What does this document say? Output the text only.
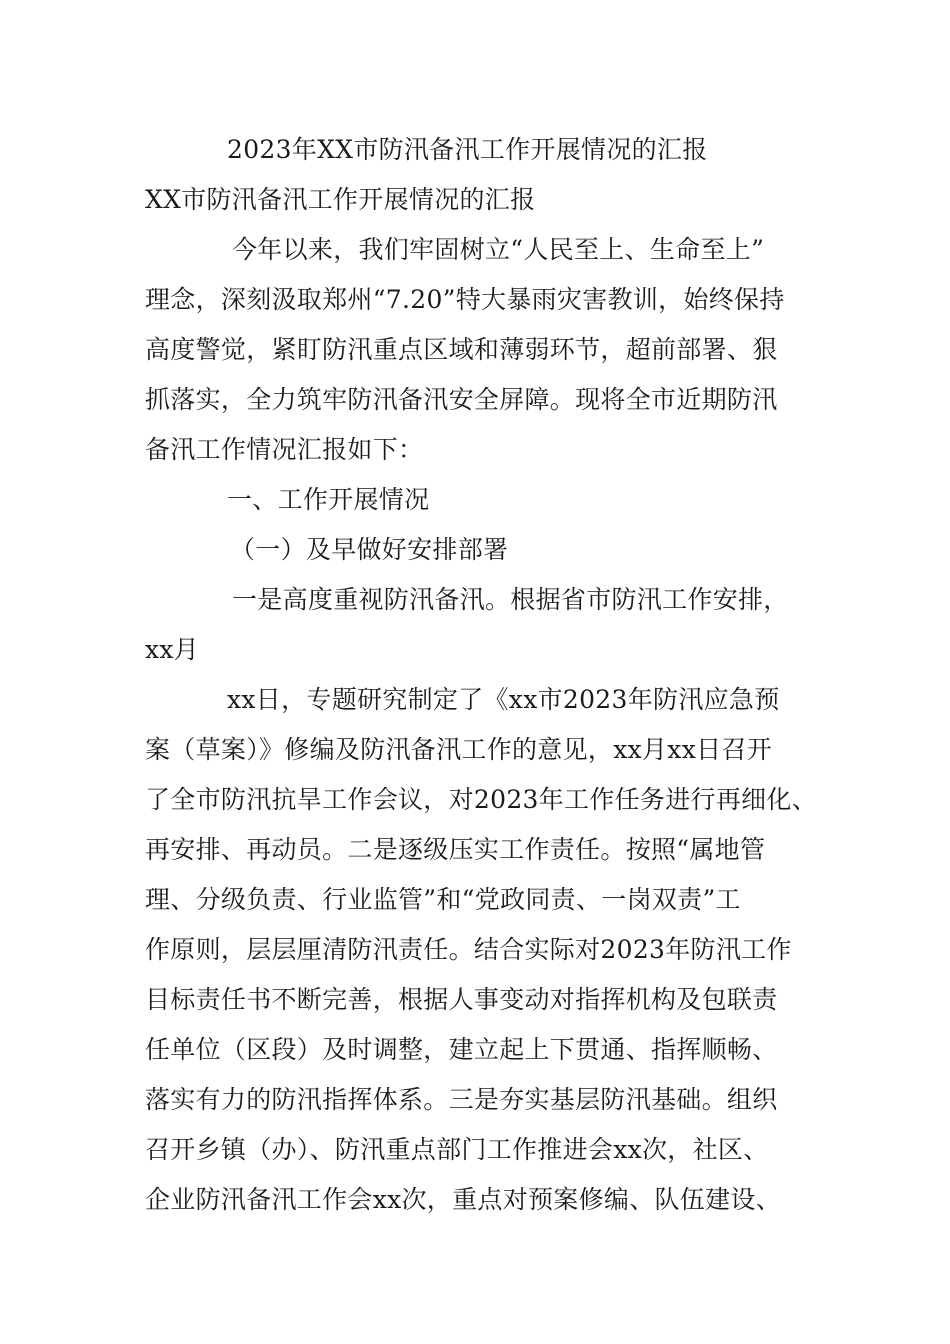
2023年XX市防汛备汛工作开展情况的汇报
XX市防汛备汛工作开展情况的汇报
今年以来，我们牢固树立“人民至上、生命至上”
理念，深刻汲取郑州“7.20”特大暴雨灾害教训，始终保持
高度警觉，紧盯防汛重点区域和薄弱环节，超前部署、狠
抓落实，全力筑牢防汛备汛安全屏障。现将全市近期防汛
备汛工作情况汇报如下：
一、工作开展情况
（一）及早做好安排部署
一是高度重视防汛备汛。根据省市防汛工作安排，
xx月
xx日，专题研究制定了《xx市2023年防汛应急预
案（草案）》修编及防汛备汛工作的意见，xx月xx日召开
了全市防汛抗旱工作会议，对2023年工作任务进行再细化、
再安排、再动员。二是逐级压实工作责任。按照“属地管
理、分级负责、行业监管”和“党政同责、一岗双责”工
作原则，层层厘清防汛责任。结合实际对2023年防汛工作
目标责任书不断完善，根据人事变动对指挥机构及包联责
任单位（区段）及时调整，建立起上下贯通、指挥顺畅、
落实有力的防汛指挥体系。三是夯实基层防汛基础。组织
召开乡镇（办）、防汛重点部门工作推进会xx次，社区、
企业防汛备汛工作会xx次，重点对预案修编、队伍建设、
